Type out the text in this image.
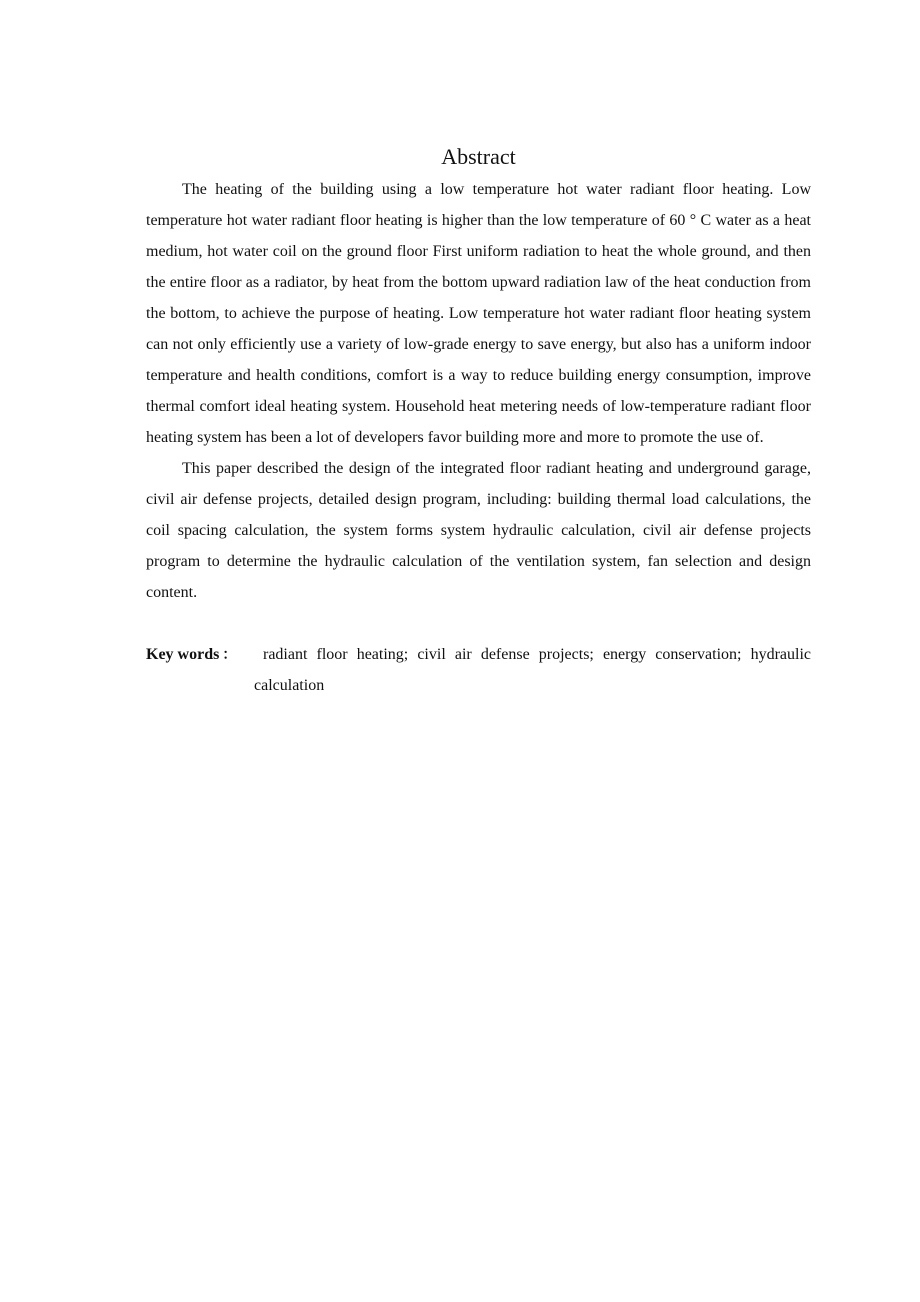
Abstract

The heating of the building using a low temperature hot water radiant floor heating. Low temperature hot water radiant floor heating is higher than the low temperature of 60 ° C water as a heat medium, hot water coil on the ground floor First uniform radiation to heat the whole ground, and then the entire floor as a radiator, by heat from the bottom upward radiation law of the heat conduction from the bottom, to achieve the purpose of heating. Low temperature hot water radiant floor heating system can not only efficiently use a variety of low-grade energy to save energy, but also has a uniform indoor temperature and health conditions, comfort is a way to reduce building energy consumption, improve thermal comfort ideal heating system. Household heat metering needs of low-temperature radiant floor heating system has been a lot of developers favor building more and more to promote the use of.

This paper described the design of the integrated floor radiant heating and underground garage, civil air defense projects, detailed design program, including: building thermal load calculations, the coil spacing calculation, the system forms system hydraulic calculation, civil air defense projects program to determine the hydraulic calculation of the ventilation system, fan selection and design content.

Key words ：	radiant floor heating; civil air defense projects; energy conservation; hydraulic calculation
